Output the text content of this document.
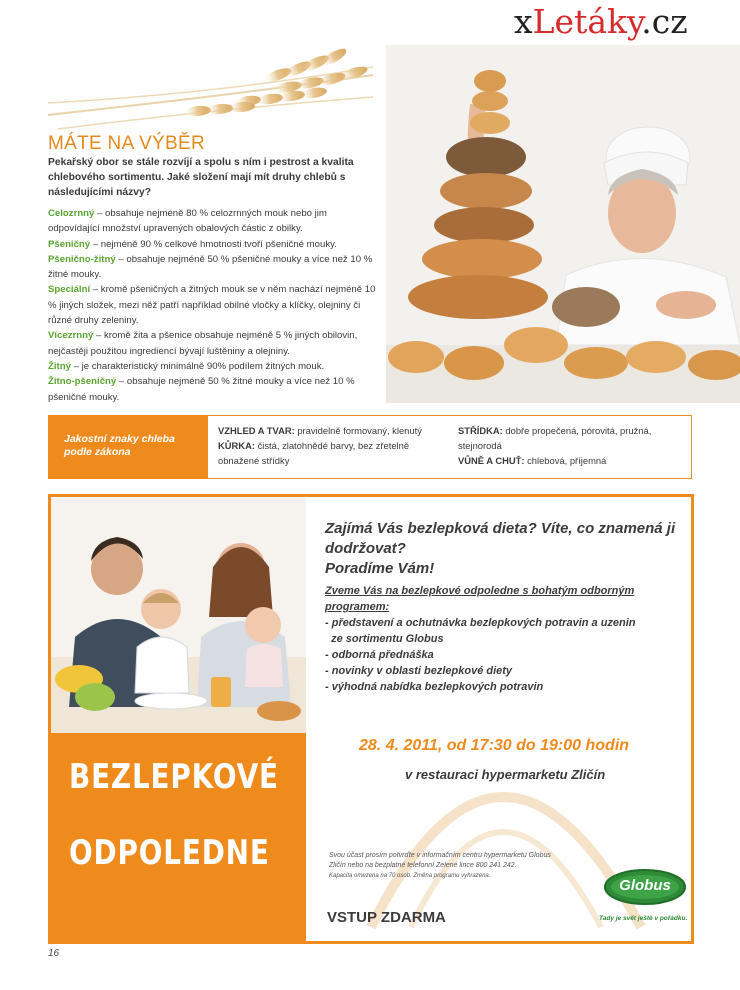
xLetáky.cz
MÁTE NA VÝBĚR
Pekařský obor se stále rozvíjí a spolu s ním i pestrost a kvalita chlebového sortimentu. Jaké složení mají mít druhy chlebů s následujícími názvy?
Celozrnný – obsahuje nejméně 80 % celozrnných mouk nebo jim odpovídající množství upravených obalových částic z obilky.
Pšeničný – nejméně 90 % celkové hmotnosti tvoří pšeničné mouky.
Pšenično-žitný – obsahuje nejméně 50 % pšeničné mouky a více než 10 % žitné mouky.
Speciální – kromě pšeničných a žitných mouk se v něm nachází nejméně 10 % jiných složek, mezi něž patří například obilné vločky a klíčky, olejniny či různé druhy zeleniny.
Vícezrnný – kromě žita a pšenice obsahuje nejméně 5 % jiných obilovin, nejčastěji použitou ingrediencí bývají luštěniny a olejniny.
Žitný – je charakteristický minimálně 90% podílem žitných mouk.
Žitno-pšeničný – obsahuje nejméně 50 % žitné mouky a více než 10 % pšeničné mouky.
Jakostní znaky chleba podle zákona
VZHLED A TVAR: pravidelně formovaný, klenutý
KŮRKA: čistá, zlatohnědé barvy, bez zřetelně obnažené střídky
STŘÍDKA: dobře propečená, pórovitá, pružná, stejnorodá
VŮNĚ A CHUŤ: chlebová, příjemná
BEZLEPKOVÉ
ODPOLEDNE
Zajímá Vás bezlepková dieta? Víte, co znamená ji dodržovat?
Poradíme Vám!
Zveme Vás na bezlepkové odpoledne s bohatým odborným programem:
- představení a ochutnávka bezlepkových potravin a uzenin
ze sortimentu Globus
- odborná přednáška
- novinky v oblasti bezlepkové diety
- výhodná nabídka bezlepkových potravin
28. 4. 2011, od 17:30 do 19:00 hodin
v restauraci hypermarketu Zličín
Svou účast prosím potvrďte v informačním centru hypermarketu Globus
Zličín nebo na bezplatné telefonní Zelené lince 800 241 242.
Kapacita omezena na 70 osob. Změna programu vyhrazena.
VSTUP ZDARMA
Globus
Tady je svět ještě v pořádku.
16
